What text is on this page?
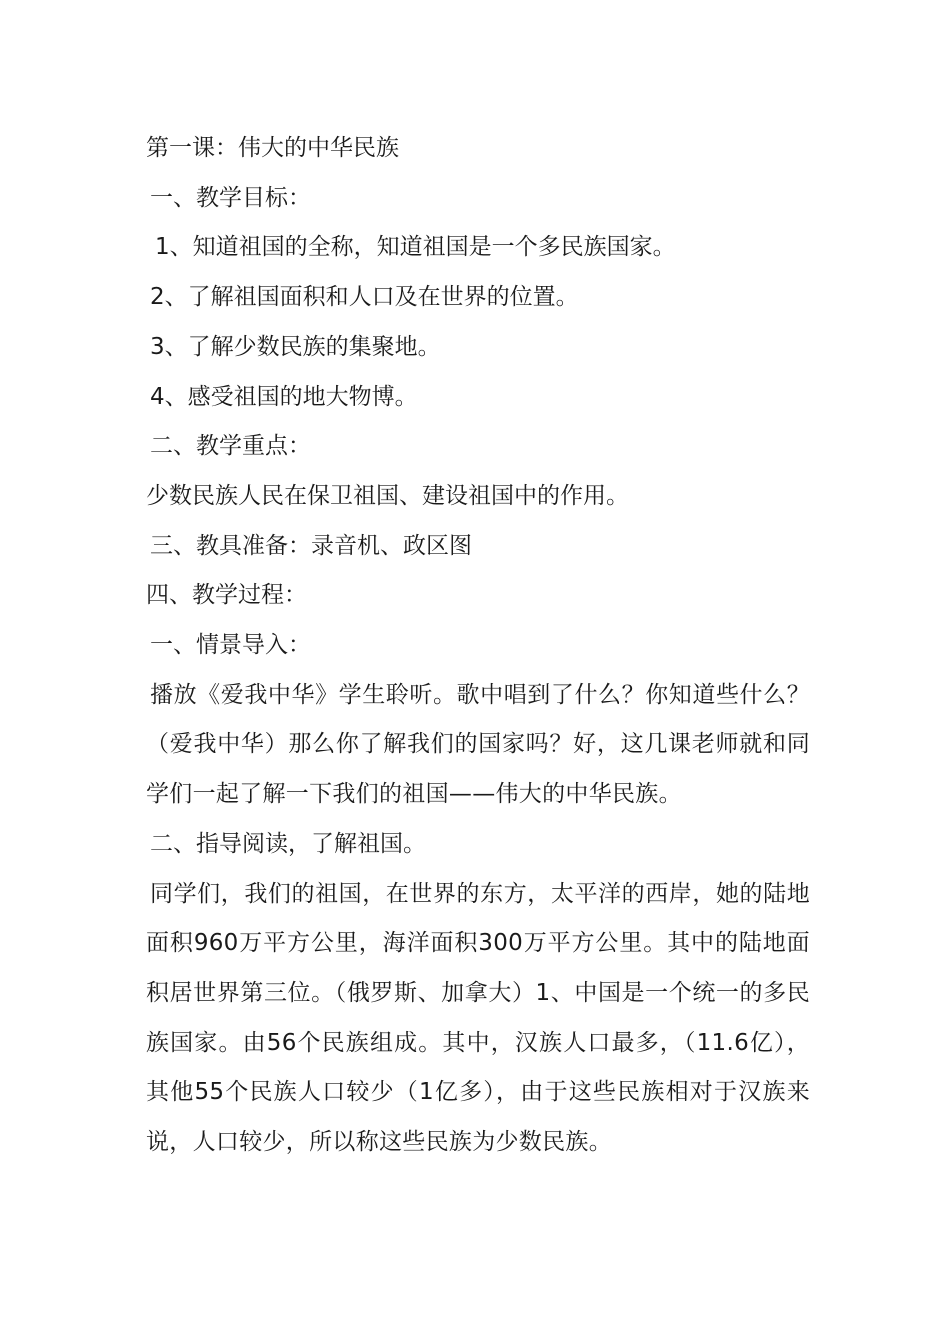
第一课：伟大的中华民族

一、教学目标：

1、知道祖国的全称，知道祖国是一个多民族国家。

2、了解祖国面积和人口及在世界的位置。

3、了解少数民族的集聚地。

4、感受祖国的地大物博。

二、教学重点：

少数民族人民在保卫祖国、建设祖国中的作用。

三、教具准备：录音机、政区图

四、教学过程：

一、情景导入：

播放《爱我中华》学生聆听。歌中唱到了什么？你知道些什么？ （爱我中华）那么你了解我们的国家吗？好，这几课老师就和同学们一起了解一下我们的祖国——伟大的中华民族。

二、指导阅读，了解祖国。

同学们，我们的祖国，在世界的东方，太平洋的西岸，她的陆地面积960万平方公里，海洋面积300万平方公里。其中的陆地面积居世界第三位。（俄罗斯、加拿大）1、中国是一个统一的多民族国家。由56个民族组成。其中，汉族人口最多，（11.6亿），其他55个民族人口较少（1亿多），由于这些民族相对于汉族来说，人口较少，所以称这些民族为少数民族。
